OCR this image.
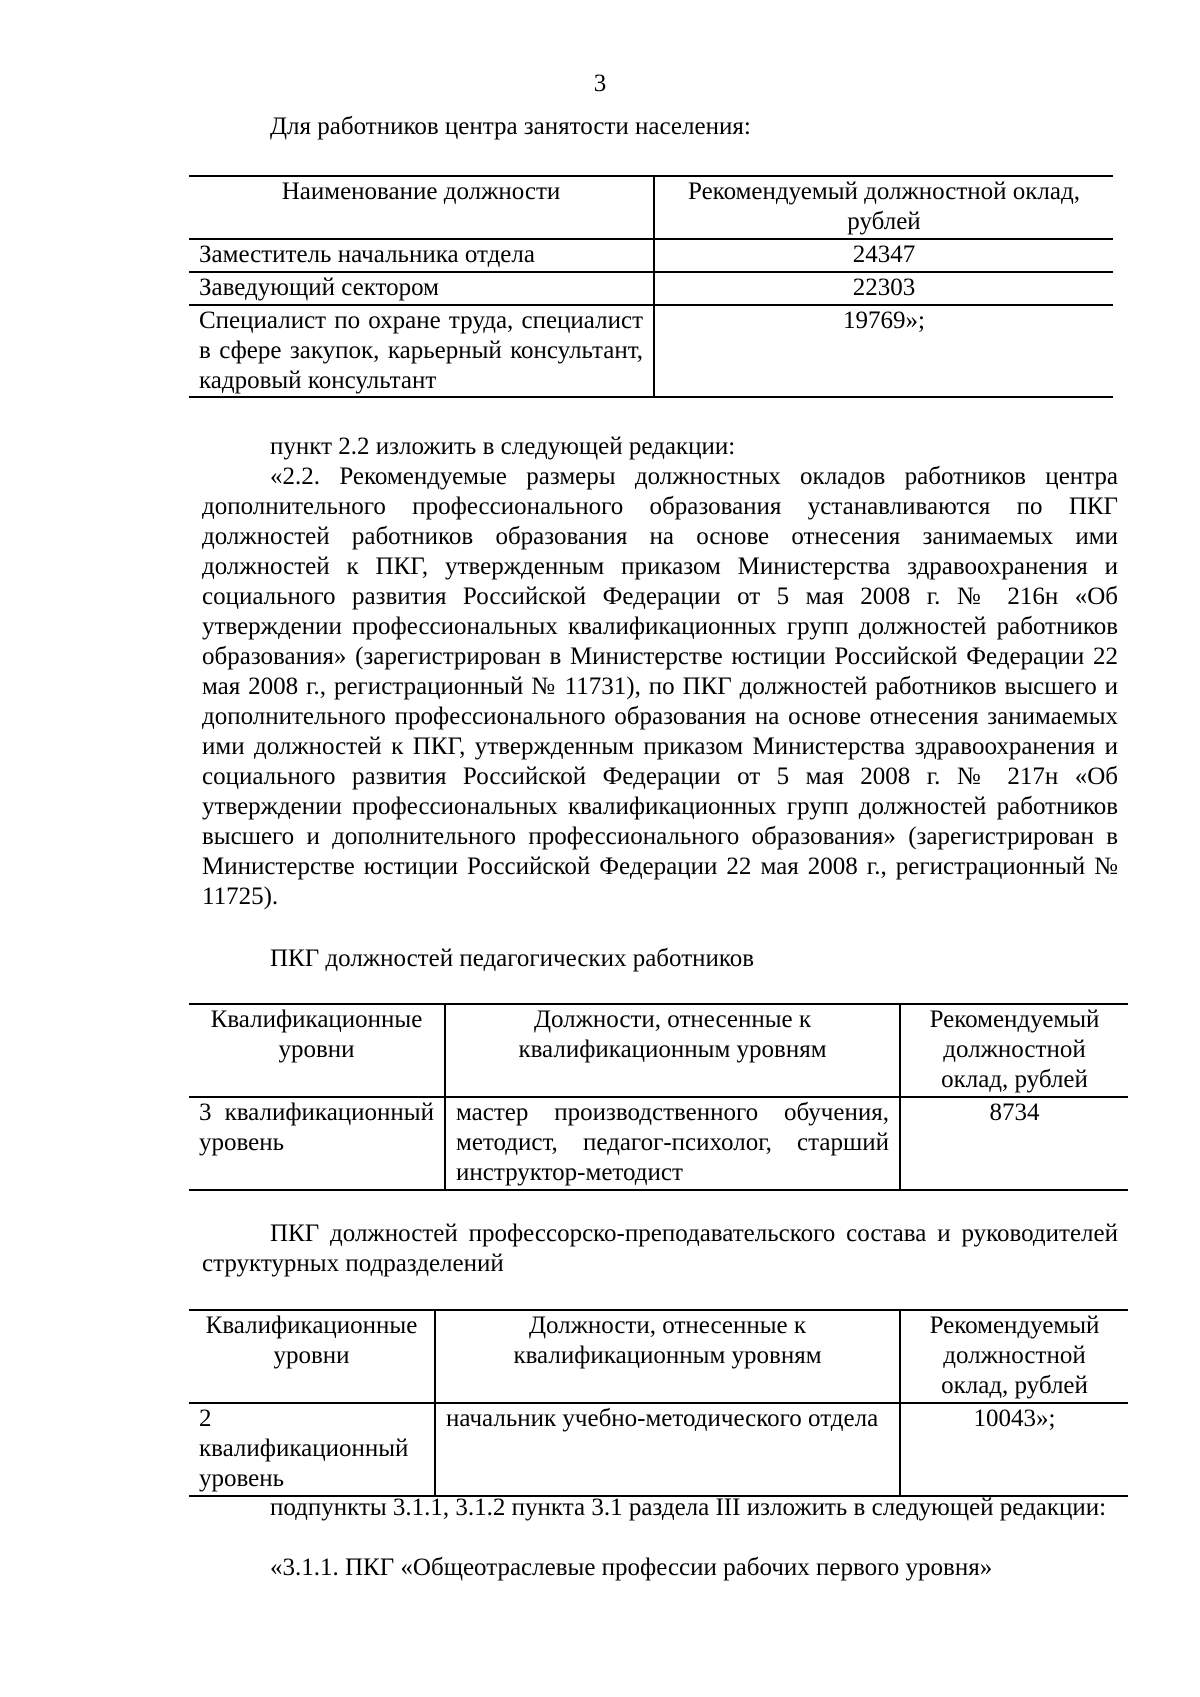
3
Для работников центра занятости населения:
Наименование должности	Рекомендуемый должностной оклад, рублей
Заместитель начальника отдела	24347
Заведующий сектором	22303
Специалист по охране труда, специалист в сфере закупок, карьерный консультант, кадровый консультант	19769»;
пункт 2.2 изложить в следующей редакции:
«2.2. Рекомендуемые размеры должностных окладов работников центра дополнительного профессионального образования устанавливаются по ПКГ должностей работников образования на основе отнесения занимаемых ими должностей к ПКГ, утвержденным приказом Министерства здравоохранения и социального развития Российской Федерации от 5 мая 2008 г. № 216н «Об утверждении профессиональных квалификационных групп должностей работников образования» (зарегистрирован в Министерстве юстиции Российской Федерации 22 мая 2008 г., регистрационный № 11731), по ПКГ должностей работников высшего и дополнительного профессионального образования на основе отнесения занимаемых ими должностей к ПКГ, утвержденным приказом Министерства здравоохранения и социального развития Российской Федерации от 5 мая 2008 г. № 217н «Об утверждении профессиональных квалификационных групп должностей работников высшего и дополнительного профессионального образования» (зарегистрирован в Министерстве юстиции Российской Федерации 22 мая 2008 г., регистрационный № 11725).
ПКГ должностей педагогических работников
Квалификационные уровни	Должности, отнесенные к квалификационным уровням	Рекомендуемый должностной оклад, рублей
3 квалификационный уровень	мастер производственного обучения, методист, педагог-психолог, старший инструктор-методист	8734
ПКГ должностей профессорско-преподавательского состава и руководителей структурных подразделений
Квалификационные уровни	Должности, отнесенные к квалификационным уровням	Рекомендуемый должностной оклад, рублей
2 квалификационный уровень	начальник учебно-методического отдела	10043»;
подпункты 3.1.1, 3.1.2 пункта 3.1 раздела III изложить в следующей редакции:
«3.1.1. ПКГ «Общеотраслевые профессии рабочих первого уровня»
